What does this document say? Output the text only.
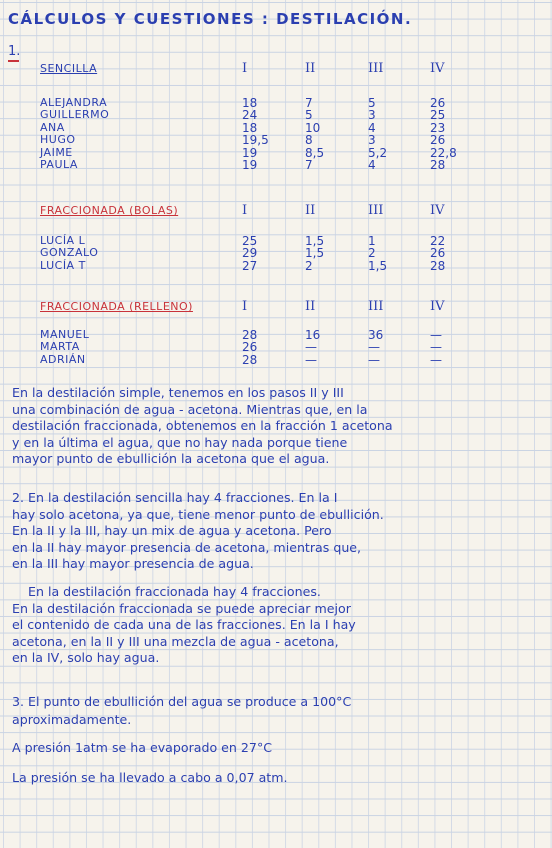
CÁLCULOS Y CUESTIONES : DESTILACIÓN.
1.
SENCILLA	I	II	III	IV
ALEJANDRA	18	7	5	26
GUILLERMO	24	5	3	25
ANA	18	10	4	23
HUGO	19,5	8	3	26
JAIME	19	8,5	5,2	22,8
PAULA	19	7	4	28
FRACCIONADA (BOLAS)	I	II	III	IV
LUCÍA L	25	1,5	1	22
GONZALO	29	1,5	2	26
LUCÍA T	27	2	1,5	28
FRACCIONADA (RELLENO)	I	II	III	IV
MANUEL	28	16	36	—
MARTA	26	—	—	—
ADRIÁN	28	—	—	—
En la destilación simple, tenemos en los pasos II y III
una combinación de agua - acetona. Mientras que, en la
destilación fraccionada, obtenemos en la fracción 1 acetona
y en la última el agua, que no hay nada porque tiene
mayor punto de ebullición la acetona que el agua.
2. En la destilación sencilla hay 4 fracciones. En la I
hay solo acetona, ya que, tiene menor punto de ebullición.
En la II y la III, hay un mix de agua y acetona. Pero
en la II hay mayor presencia de acetona, mientras que,
en la III hay mayor presencia de agua.
En la destilación fraccionada hay 4 fracciones.
En la destilación fraccionada se puede apreciar mejor
el contenido de cada una de las fracciones. En la I hay
acetona, en la II y III una mezcla de agua - acetona,
en la IV, solo hay agua.
3. El punto de ebullición del agua se produce a 100°C
aproximadamente.
A presión 1atm se ha evaporado en 27°C
La presión se ha llevado a cabo a 0,07 atm.
